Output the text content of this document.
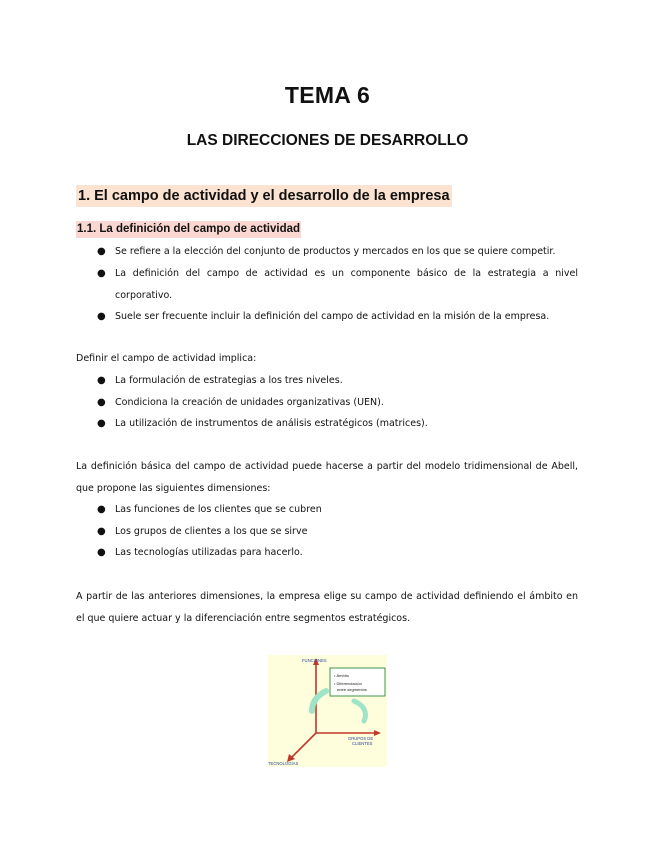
TEMA 6
LAS DIRECCIONES DE DESARROLLO
1. El campo de actividad y el desarrollo de la empresa
1.1. La definición del campo de actividad
● Se refiere a la elección del conjunto de productos y mercados en los que se quiere competir.
● La definición del campo de actividad es un componente básico de la estrategia a nivel
corporativo.
● Suele ser frecuente incluir la definición del campo de actividad en la misión de la empresa.
Definir el campo de actividad implica:
● La formulación de estrategias a los tres niveles.
● Condiciona la creación de unidades organizativas (UEN).
● La utilización de instrumentos de análisis estratégicos (matrices).
La definición básica del campo de actividad puede hacerse a partir del modelo tridimensional de Abell,
que propone las siguientes dimensiones:
● Las funciones de los clientes que se cubren
● Los grupos de clientes a los que se sirve
● Las tecnologías utilizadas para hacerlo.
A partir de las anteriores dimensiones, la empresa elige su campo de actividad definiendo el ámbito en
el que quiere actuar y la diferenciación entre segmentos estratégicos.
• Ámbito
• Diferenciación
entre segmentos
FUNCIONES
GRUPOS DE
CLIENTES
TECNOLOGÍAS
